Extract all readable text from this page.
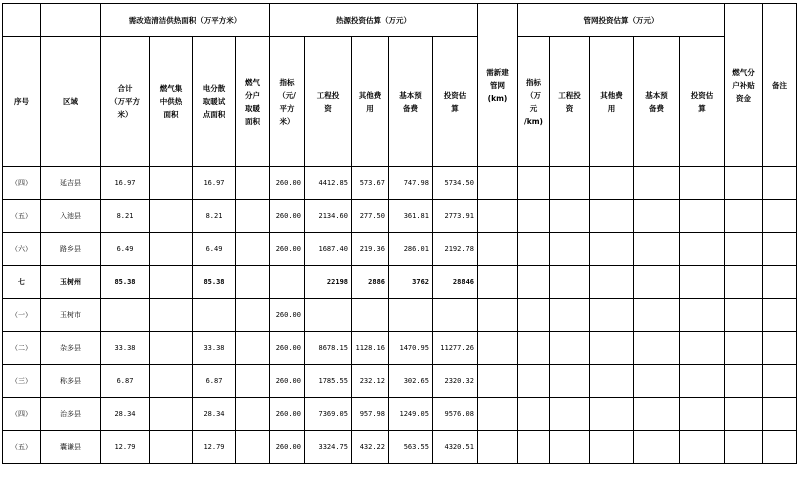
		需改造清洁供热面积（万平方米）				热源投资估算（万元）					需新建
管网
(km)	管网投资估算（万元）					燃气分
户补贴
资金	备注
序号	区域	合计
（万平方
米）	燃气集
中供热
面积	电分散
取暖试
点面积	燃气
分户
取暖
面积	指标
（元/
平方
米）	工程投
资	其他费
用	基本预
备费	投资估
算		指标
（万
元
/km)	工程投
资	其他费
用	基本预
备费	投资估
算		

（四）	延吉县	16.97		16.97		260.00	4412.85	573.67	747.98	5734.50								
（五）	入池县	8.21		8.21		260.00	2134.60	277.50	361.81	2773.91								
（六）	路乡县	6.49		6.49		260.00	1687.40	219.36	286.01	2192.78								
七	玉树州	85.38		85.38			22198	2886	3762	28846								
（一）	玉树市					260.00												
（二）	杂多县	33.38		33.38		260.00	8678.15	1128.16	1470.95	11277.26								
（三）	称多县	6.87		6.87		260.00	1785.55	232.12	302.65	2320.32								
（四）	治多县	28.34		28.34		260.00	7369.05	957.98	1249.05	9576.08								
（五）	囊谦县	12.79		12.79		260.00	3324.75	432.22	563.55	4320.51								
